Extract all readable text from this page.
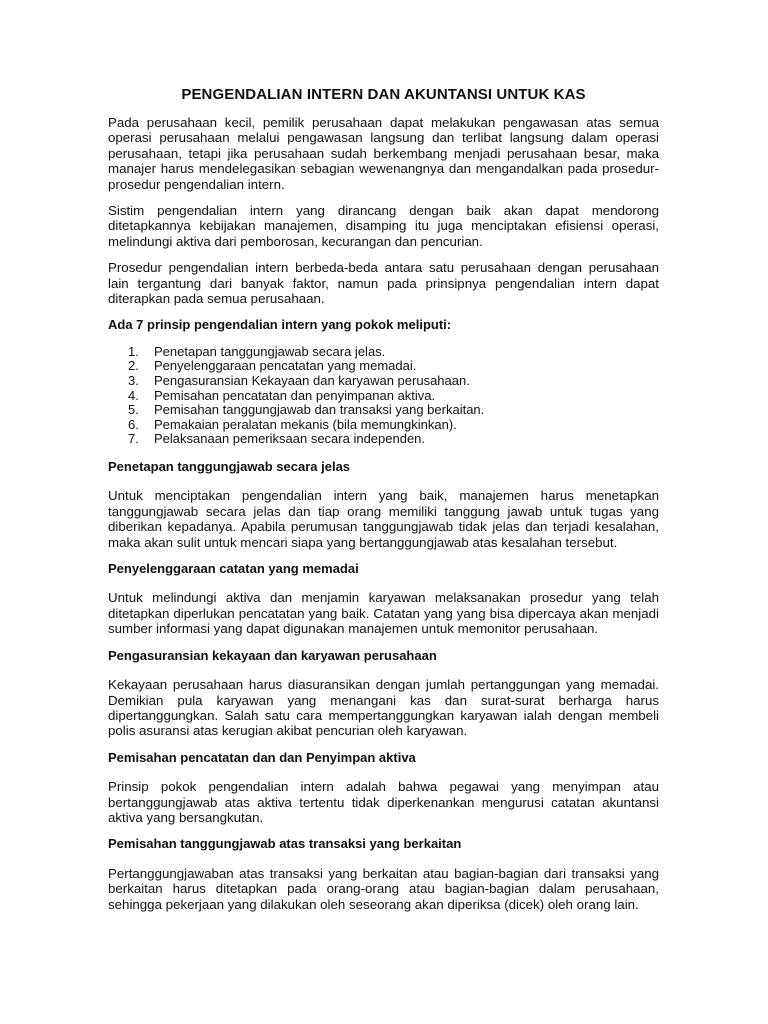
PENGENDALIAN INTERN DAN AKUNTANSI UNTUK KAS

Pada perusahaan kecil, pemilik perusahaan dapat melakukan pengawasan atas semua operasi perusahaan melalui pengawasan langsung dan terlibat langsung dalam operasi perusahaan, tetapi jika perusahaan sudah berkembang menjadi perusahaan besar, maka manajer harus mendelegasikan sebagian wewenangnya dan mengandalkan pada prosedur-prosedur pengendalian intern.

Sistim pengendalian intern yang dirancang dengan baik akan dapat mendorong ditetapkannya kebijakan manajemen, disamping itu juga menciptakan efisiensi operasi, melindungi aktiva dari pemborosan, kecurangan dan pencurian.

Prosedur pengendalian intern berbeda-beda antara satu perusahaan dengan perusahaan lain tergantung dari banyak faktor, namun pada prinsipnya pengendalian intern dapat diterapkan pada semua perusahaan.

Ada 7 prinsip pengendalian intern yang pokok meliputi:
1.	Penetapan tanggungjawab secara jelas.
2.	Penyelenggaraan pencatatan yang memadai.
3.	Pengasuransian Kekayaan dan karyawan perusahaan.
4.	Pemisahan pencatatan dan penyimpanan aktiva.
5.	Pemisahan tanggungjawab dan transaksi yang berkaitan.
6.	Pemakaian peralatan mekanis (bila memungkinkan).
7.	Pelaksanaan pemeriksaan secara independen.
Penetapan tanggungjawab secara jelas

Untuk menciptakan pengendalian intern yang baik, manajemen harus menetapkan tanggungjawab secara jelas dan tiap orang memiliki tanggung jawab untuk tugas yang diberikan kepadanya. Apabila perumusan tanggungjawab tidak jelas dan terjadi kesalahan, maka akan sulit untuk mencari siapa yang bertanggungjawab atas kesalahan tersebut.

Penyelenggaraan catatan yang memadai

Untuk melindungi aktiva dan menjamin karyawan melaksanakan prosedur yang telah ditetapkan diperlukan pencatatan yang baik. Catatan yang yang bisa dipercaya akan menjadi sumber informasi yang dapat digunakan manajemen untuk memonitor perusahaan.

Pengasuransian kekayaan dan karyawan perusahaan

Kekayaan perusahaan harus diasuransikan dengan jumlah pertanggungan yang memadai. Demikian pula karyawan yang menangani kas dan surat-surat berharga harus dipertanggungkan. Salah satu cara mempertanggungkan karyawan ialah dengan membeli polis asuransi atas kerugian akibat pencurian oleh karyawan.

Pemisahan pencatatan dan dan Penyimpan aktiva

Prinsip pokok pengendalian intern adalah bahwa pegawai yang menyimpan atau bertanggungjawab atas aktiva tertentu tidak diperkenankan mengurusi catatan akuntansi aktiva yang bersangkutan.

Pemisahan tanggungjawab atas transaksi yang berkaitan

Pertanggungjawaban atas transaksi yang berkaitan atau bagian-bagian dari transaksi yang berkaitan harus ditetapkan pada orang-orang atau bagian-bagian dalam perusahaan, sehingga pekerjaan yang dilakukan oleh seseorang akan diperiksa (dicek) oleh orang lain.
